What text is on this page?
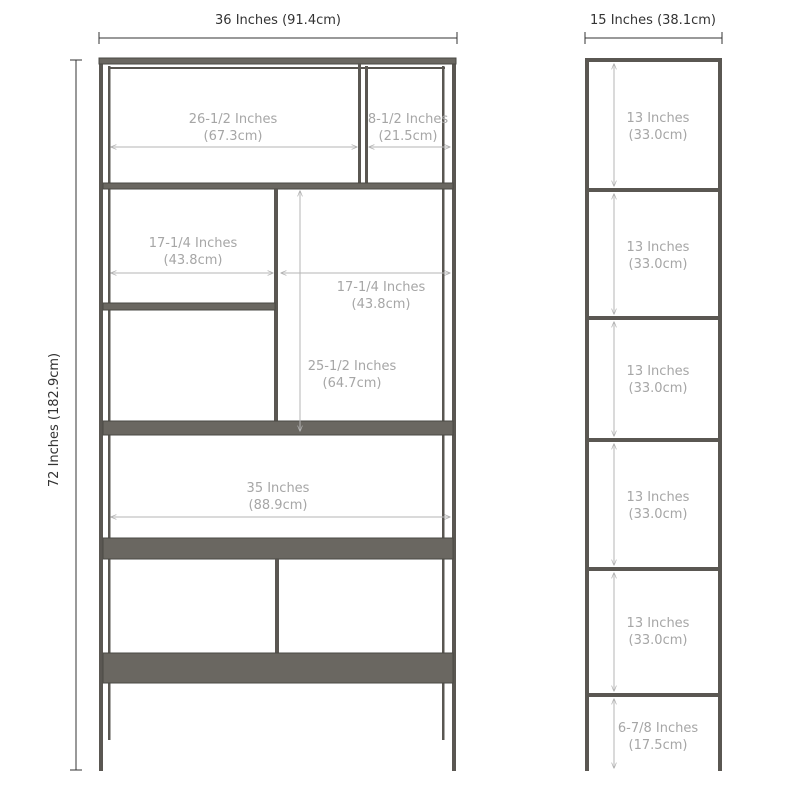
36 Inches (91.4cm)	15 Inches (38.1cm)
72 Inches (182.9cm)
26-1/2 Inches
(67.3cm)
8-1/2 Inches
(21.5cm)
17-1/4 Inches
(43.8cm)
17-1/4 Inches
(43.8cm)
25-1/2 Inches
(64.7cm)
35 Inches
(88.9cm)
13 Inches
(33.0cm)
13 Inches
(33.0cm)
13 Inches
(33.0cm)
13 Inches
(33.0cm)
13 Inches
(33.0cm)
6-7/8 Inches
(17.5cm)
